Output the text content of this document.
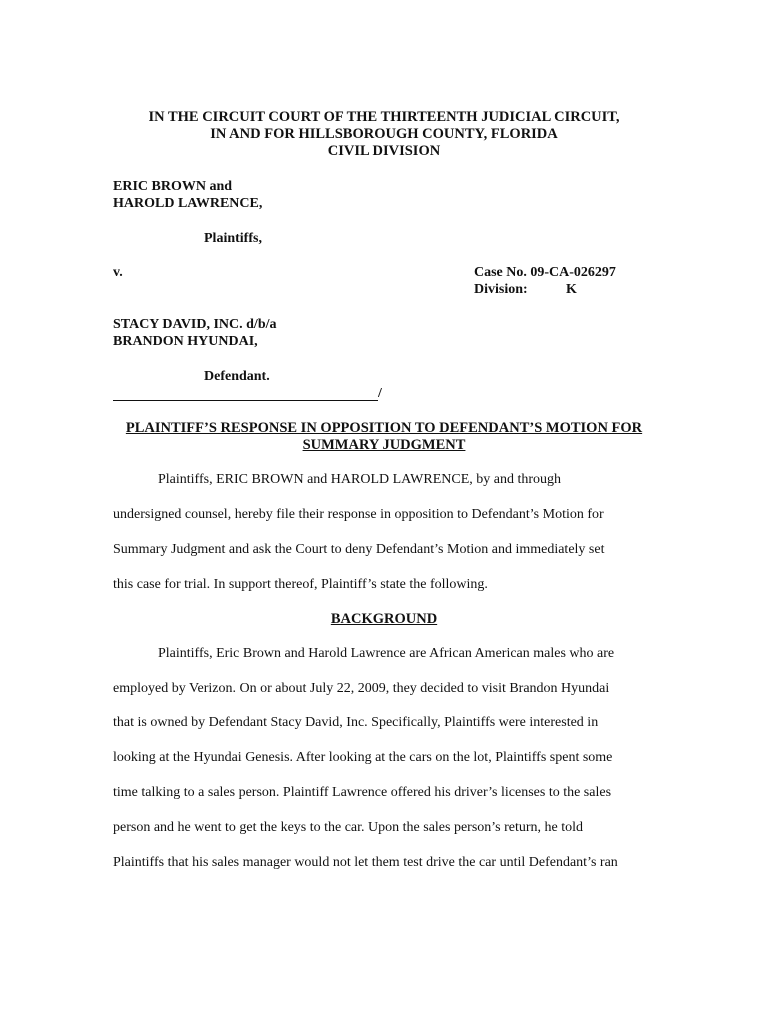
IN THE CIRCUIT COURT OF THE THIRTEENTH JUDICIAL CIRCUIT,
IN AND FOR HILLSBOROUGH COUNTY, FLORIDA
CIVIL DIVISION
ERIC BROWN and
HAROLD LAWRENCE,
Plaintiffs,
v.	Case No. 09-CA-026297
Division:	K
STACY DAVID, INC. d/b/a
BRANDON HYUNDAI,
Defendant.
/
PLAINTIFF’S RESPONSE IN OPPOSITION TO DEFENDANT’S MOTION FOR
SUMMARY JUDGMENT
Plaintiffs, ERIC BROWN and HAROLD LAWRENCE, by and through
undersigned counsel, hereby file their response in opposition to Defendant’s Motion for
Summary Judgment and ask the Court to deny Defendant’s Motion and immediately set
this case for trial. In support thereof, Plaintiff’s state the following.
BACKGROUND
Plaintiffs, Eric Brown and Harold Lawrence are African American males who are
employed by Verizon. On or about July 22, 2009, they decided to visit Brandon Hyundai
that is owned by Defendant Stacy David, Inc. Specifically, Plaintiffs were interested in
looking at the Hyundai Genesis. After looking at the cars on the lot, Plaintiffs spent some
time talking to a sales person. Plaintiff Lawrence offered his driver’s licenses to the sales
person and he went to get the keys to the car. Upon the sales person’s return, he told
Plaintiffs that his sales manager would not let them test drive the car until Defendant’s ran
